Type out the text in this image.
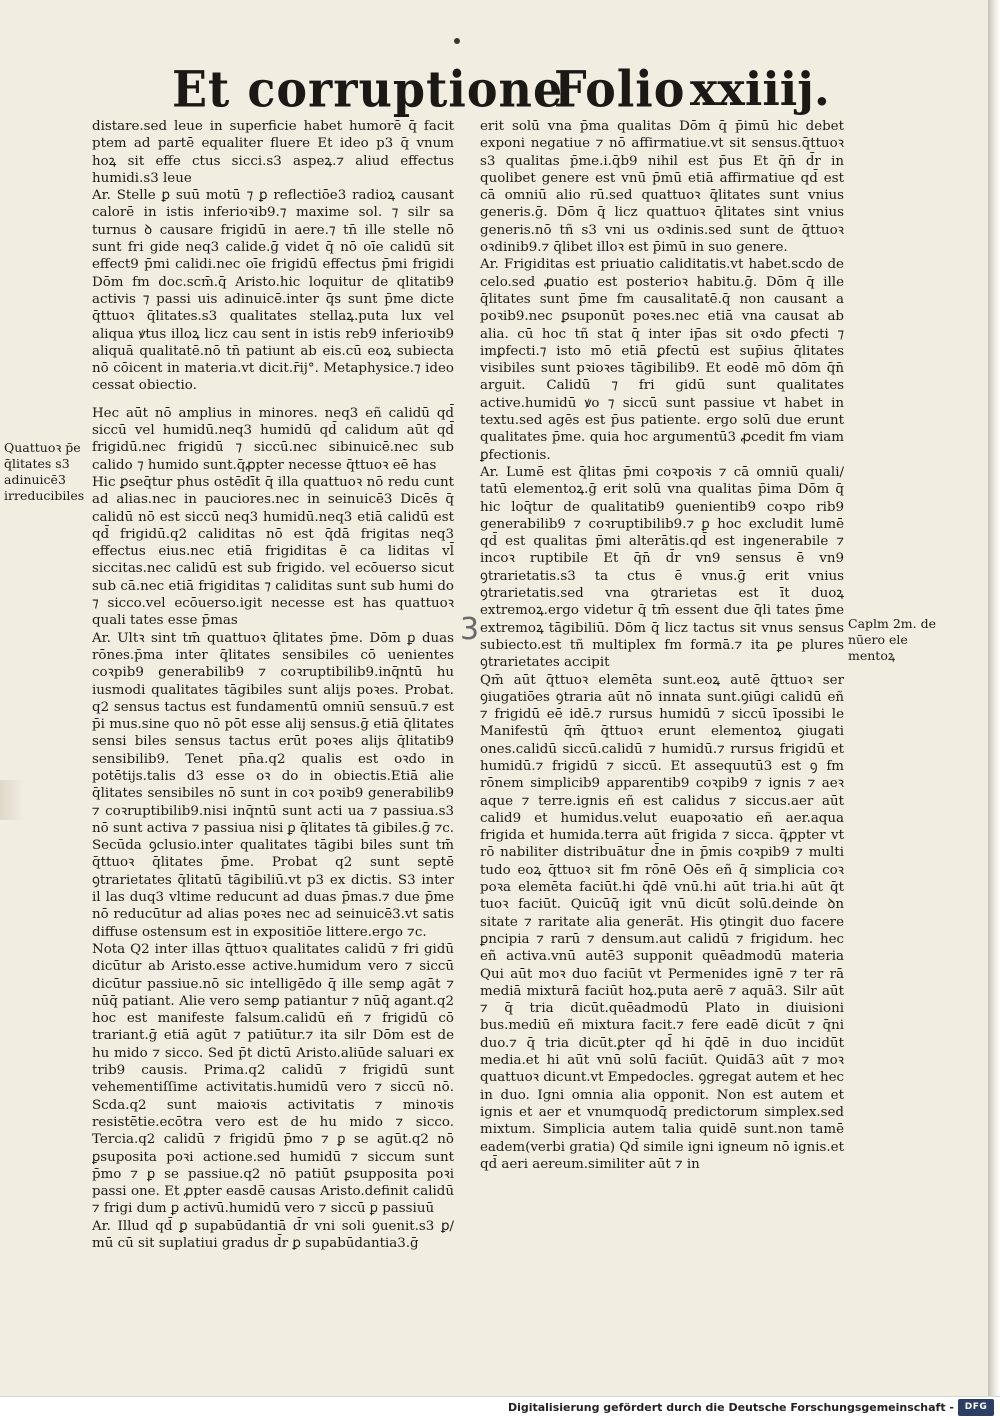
Et corruptione
Folio xxiiij.

distare.sed leue in superficie habet humorē q̄ facit ptem ad partē equaliter fluere Et ideo p3 q̄ vnum hoꝝ sit effe ctus sicci.s3 aspeꝝ.⁊ aliud effectus humidi.s3 leue

Ar. Stelle ꝑ suū motū ⁊ ꝑ reflectiōe3 radioꝝ causant calorē in istis inferioꝛib9.⁊ maxime sol. ⁊ silr sa turnus ꝺ causare frigidū in aere.⁊ tn̄ ille stelle nō sunt fri gide neq3 calide.ḡ videt q̄ nō oīe calidū sit effect9 p̄mi calidi.nec oīe frigidū effectus p̄mi frigidi Dōm fm doc.scm̄.q̄ Aristo.hic loquitur de qlitatib9 activis ⁊ passi uis adinuicē.inter q̄s sunt p̄me dicte q̄ttuoꝛ q̄litates.s3 qualitates stellaꝝ.puta lux vel aliqua ꝟtus illoꝝ licz cau sent in istis reb9 inferioꝛib9 aliquā qualitatē.nō tn̄ patiunt ab eis.cū eoꝝ subiecta nō cōicent in materia.vt dicit.r̄ij°. Metaphysice.⁊ ideo cessat obiectio.

Hec aūt nō amplius in minores. neq3 eñ calidū qd̄ siccū vel humidū.neq3 humidū qd̄ calidum aūt qd̄ frigidū.nec frigidū ⁊ siccū.nec sibinuicē.nec sub calido ⁊ humido sunt.q̄ꝓpter necesse q̄ttuoꝛ eē has

Hic ꝑseq̄tur phus ostēdīt q̄ illa quattuoꝛ nō redu cunt ad alias.nec in pauciores.nec in seinuicē3 Dicēs q̄ calidū nō est siccū neq3 humidū.neq3 etiā calidū est qd̄ frigidū.q2 caliditas nō est q̄dā frigitas neq3 effectus eius.nec etiā frigiditas ē ca liditas vl̄ siccitas.nec calidū est sub frigido. vel ecōuerso sicut sub cā.nec etiā frigiditas ⁊ caliditas sunt sub humi do ⁊ sicco.vel ecōuerso.igit necesse est has quattuoꝛ quali tates esse p̄mas

Ar. Ultꝛ sint tm̄ quattuoꝛ q̄litates p̄me. Dōm ꝑ duas rōnes.p̄ma inter q̄litates sensibiles cō uenientes coꝛpib9 generabilib9 ⁊ coꝛruptibilib9.inq̄ntū hu iusmodi qualitates tāgibiles sunt alijs poꝛes. Probat. q2 sensus tactus est fundamentū omniū sensuū.⁊ est p̄i mus.sine quo nō pōt esse alij sensus.ḡ etiā q̄litates sensi biles sensus tactus erūt poꝛes alijs q̄litatib9 sensibilib9. Tenet pn̄a.q2 qualis est oꝛdo in potētijs.talis d3 esse oꝛ do in obiectis.Etiā alie q̄litates sensibiles nō sunt in coꝛ poꝛib9 generabilib9 ⁊ coꝛruptibilib9.nisi inq̄ntū sunt acti ua ⁊ passiua.s3 nō sunt activa ⁊ passiua nisi ꝑ q̄litates tā gibiles.ḡ ⁊c. Secūda ꝯclusio.inter qualitates tāgibi biles sunt tm̄ q̄ttuoꝛ q̄litates p̄me. Probat q2 sunt septē ꝯtrarietates q̄litatū tāgibiliū.vt p3 ex dictis. S3 inter il las duq3 vltime reducunt ad duas p̄mas.⁊ due p̄me nō reducūtur ad alias poꝛes nec ad seinuicē3.vt satis diffuse ostensum est in expositiōe littere.ergo ⁊c.

Nota Q2 inter illas q̄ttuoꝛ qualitates calidū ⁊ fri gidū dicūtur ab Aristo.esse active.humidum vero ⁊ siccū dicūtur passiue.nō sic intelligēdo q̄ ille semꝑ agāt ⁊ nūq̄ patiant. Alie vero semꝑ patiantur ⁊ nūq̄ agant.q2 hoc est manifeste falsum.calidū eñ ⁊ frigidū cō trariant.ḡ etiā agūt ⁊ patiūtur.⁊ ita silr Dōm est de hu mido ⁊ sicco. Sed p̄t dictū Aristo.aliūde saluari ex trib9 causis. Prima.q2 calidū ⁊ frigidū sunt vehementiſſime activitatis.humidū vero ⁊ siccū nō. Scda.q2 sunt maioꝛis activitatis ⁊ minoꝛis resistētie.ecōtra vero est de hu mido ⁊ sicco. Tercia.q2 calidū ⁊ frigidū p̄mo ⁊ ꝑ se agūt.q2 nō ꝑsuposita poꝛi actione.sed humidū ⁊ siccum sunt p̄mo ⁊ ꝑ se passiue.q2 nō patiūt ꝑsupposita poꝛi passi one. Et ꝓpter easdē causas Aristo.definit calidū ⁊ frigi dum ꝑ activū.humidū vero ⁊ siccū ꝑ passiuū

Ar. Illud qd̄ ꝑ supabūdantiā d̄r vni soli ꝯuenit.s3 ꝑ/ mū cū sit suplatiui gradus d̄r ꝑ supabūdantia3.ḡ

erit solū vna p̄ma qualitas Dōm q̄ p̄imū hic debet exponi negatiue ⁊ nō affirmatiue.vt sit sensus.q̄ttuoꝛ s3 qualitas p̄me.i.q̄b9 nihil est p̄us Et q̄n̄ d̄r in quolibet genere est vnū p̄mū etiā affirmatiue qd̄ est cā omniū alio rū.sed quattuoꝛ q̄litates sunt vnius generis.ḡ. Dōm q̄ licz quattuoꝛ q̄litates sint vnius generis.nō tñ s3 vni us oꝛdinis.sed sunt de q̄ttuoꝛ oꝛdinib9.⁊ q̄libet illoꝛ est p̄imū in suo genere.

Ar. Frigiditas est priuatio caliditatis.vt habet.scdo de celo.sed ꝓuatio est posterioꝛ habitu.ḡ. Dōm q̄ ille q̄litates sunt p̄me fm causalitatē.q̄ non causant a poꝛib9.nec ꝑsuponūt poꝛes.nec etiā vna causat ab alia. cū hoc tñ stat q̄ inter ip̄as sit oꝛdo ꝑfecti ⁊ imꝑfecti.⁊ isto mō etiā ꝑfectū est sup̄ius q̄litates visibiles sunt pꝛioꝛes tāgibilib9. Et eodē mō dōm q̄n̄ arguit. Calidū ⁊ fri gidū sunt qualitates active.humidū ꝟo ⁊ siccū sunt passiue vt habet in textu.sed agēs est p̄us patiente. ergo solū due erunt qualitates p̄me. quia hoc argumentū3 ꝓcedit fm viam ꝑfectionis.

Ar. Lumē est q̄litas p̄mi coꝛpoꝛis ⁊ cā omniū quali/ tatū elementoꝝ.ḡ erit solū vna qualitas p̄ima Dōm q̄ hic loq̄tur de qualitatib9 ꝯuenientib9 coꝛpo rib9 generabilib9 ⁊ coꝛruptibilib9.⁊ ꝑ hoc excludit lumē qd̄ est qualitas p̄mi alterātis.qd̄ est ingenerabile ⁊ incoꝛ ruptibile Et q̄n̄ d̄r vn9 sensus ē vn9 ꝯtrarietatis.s3 ta ctus ē vnus.ḡ erit vnius ꝯtrarietatis.sed vna ꝯtrarietas est īt duoꝝ extremoꝝ.ergo videtur q̄ tm̄ essent due q̄li tates p̄me extremoꝝ tāgibiliū. Dōm q̄ licz tactus sit vnus sensus subiecto.est tñ multiplex fm formā.⁊ ita ꝑe plures ꝯtrarietates accipit

Qm̄ aūt q̄ttuoꝛ elemēta sunt.eoꝝ autē q̄ttuoꝛ ser ꝯiugatiōes ꝯtraria aūt nō innata sunt.ꝯiūgi calidū eñ ⁊ frigidū eē idē.⁊ rursus humidū ⁊ siccū īpossibi le Manifestū q̄m̄ q̄ttuoꝛ erunt elementoꝝ ꝯiugati ones.calidū siccū.calidū ⁊ humidū.⁊ rursus frigidū et humidū.⁊ frigidū ⁊ siccū. Et assequutū3 est ꝯ fm rōnem simplicib9 apparentib9 coꝛpib9 ⁊ ignis ⁊ aeꝛ aque ⁊ terre.ignis eñ est calidus ⁊ siccus.aer aūt calid9 et humidus.velut euapoꝛatio eñ aer.aqua frigida et humida.terra aūt frigida ⁊ sicca. q̄ꝓpter vt rō nabiliter distribuātur d̄ne in p̄mis coꝛpib9 ⁊ multi tudo eoꝝ q̄ttuoꝛ sit fm rōnē Oēs eñ q̄ simplicia coꝛ poꝛa elemēta faciūt.hi q̄dē vnū.hi aūt tria.hi aūt q̄t tuoꝛ faciūt. Quicūq̄ igit vnū dicūt solū.deinde ꝺn sitate ⁊ raritate alia generāt. His ꝯtingit duo facere ꝑncipia ⁊ rarū ⁊ densum.aut calidū ⁊ frigidum. hec eñ activa.vnū autē3 supponit quēadmodū materia Qui aūt moꝛ duo faciūt vt Permenides ignē ⁊ ter rā mediā mixturā faciūt hoꝝ.puta aerē ⁊ aquā3. Silr aūt ⁊ q̄ tria dicūt.quēadmodū Plato in diuisioni bus.mediū eñ mixtura facit.⁊ fere eadē dicūt ⁊ q̄ni duo.⁊ q̄ tria dicūt.ꝑter qd̄ hi q̄dē in duo incidūt media.et hi aūt vnū solū faciūt. Quidā3 aūt ⁊ moꝛ quattuoꝛ dicunt.vt Empedocles. ꝯgregat autem et hec in duo. Igni omnia alia opponit. Non est autem et ignis et aer et vnumquodq̄ predictorum simplex.sed mixtum. Simplicia autem talia quidē sunt.non tamē eadem(verbi gratia) Qd̄ simile igni igneum nō ignis.et qd̄ aeri aereum.similiter aūt ⁊ in

Quattuoꝛ p̄e q̄litates s3 adinuicē3 irreducibiles
Caplm 2m. de nūero ele mentoꝝ
3
Digitalisierung gefördert durch die Deutsche Forschungsgemeinschaft -	DFG
